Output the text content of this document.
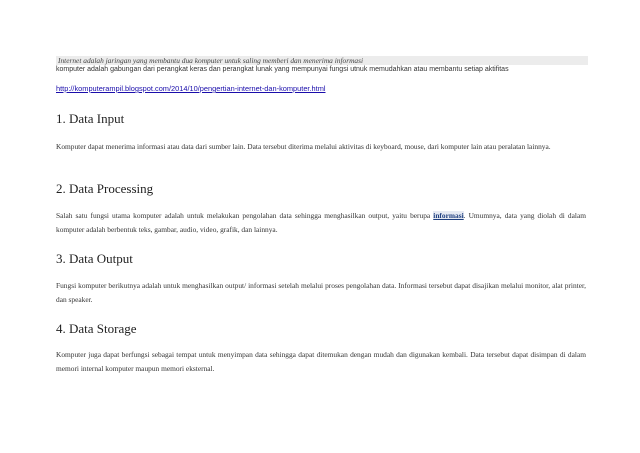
Internet adalah jaringan yang membantu dua komputer untuk saling memberi dan menerima informasi
komputer adalah gabungan dari perangkat keras dan perangkat lunak yang mempunyai fungsi utnuk memudahkan atau membantu setiap aktifitas
http://komputerampil.blogspot.com/2014/10/pengertian-internet-dan-komputer.html
1. Data Input

Komputer dapat menerima informasi atau data dari sumber lain. Data tersebut diterima melalui aktivitas di keyboard, mouse, dari komputer lain atau peralatan lainnya.

2. Data Processing

Salah satu fungsi utama komputer adalah untuk melakukan pengolahan data sehingga menghasilkan output, yaitu berupa informasi. Umumnya, data yang diolah di dalam komputer adalah berbentuk teks, gambar, audio, video, grafik, dan lainnya.

3. Data Output

Fungsi komputer berikutnya adalah untuk menghasilkan output/ informasi setelah melalui proses pengolahan data. Informasi tersebut dapat disajikan melalui monitor, alat printer, dan speaker.

4. Data Storage

Komputer juga dapat berfungsi sebagai tempat untuk menyimpan data sehingga dapat ditemukan dengan mudah dan digunakan kembali. Data tersebut dapat disimpan di dalam memori internal komputer maupun memori eksternal.
